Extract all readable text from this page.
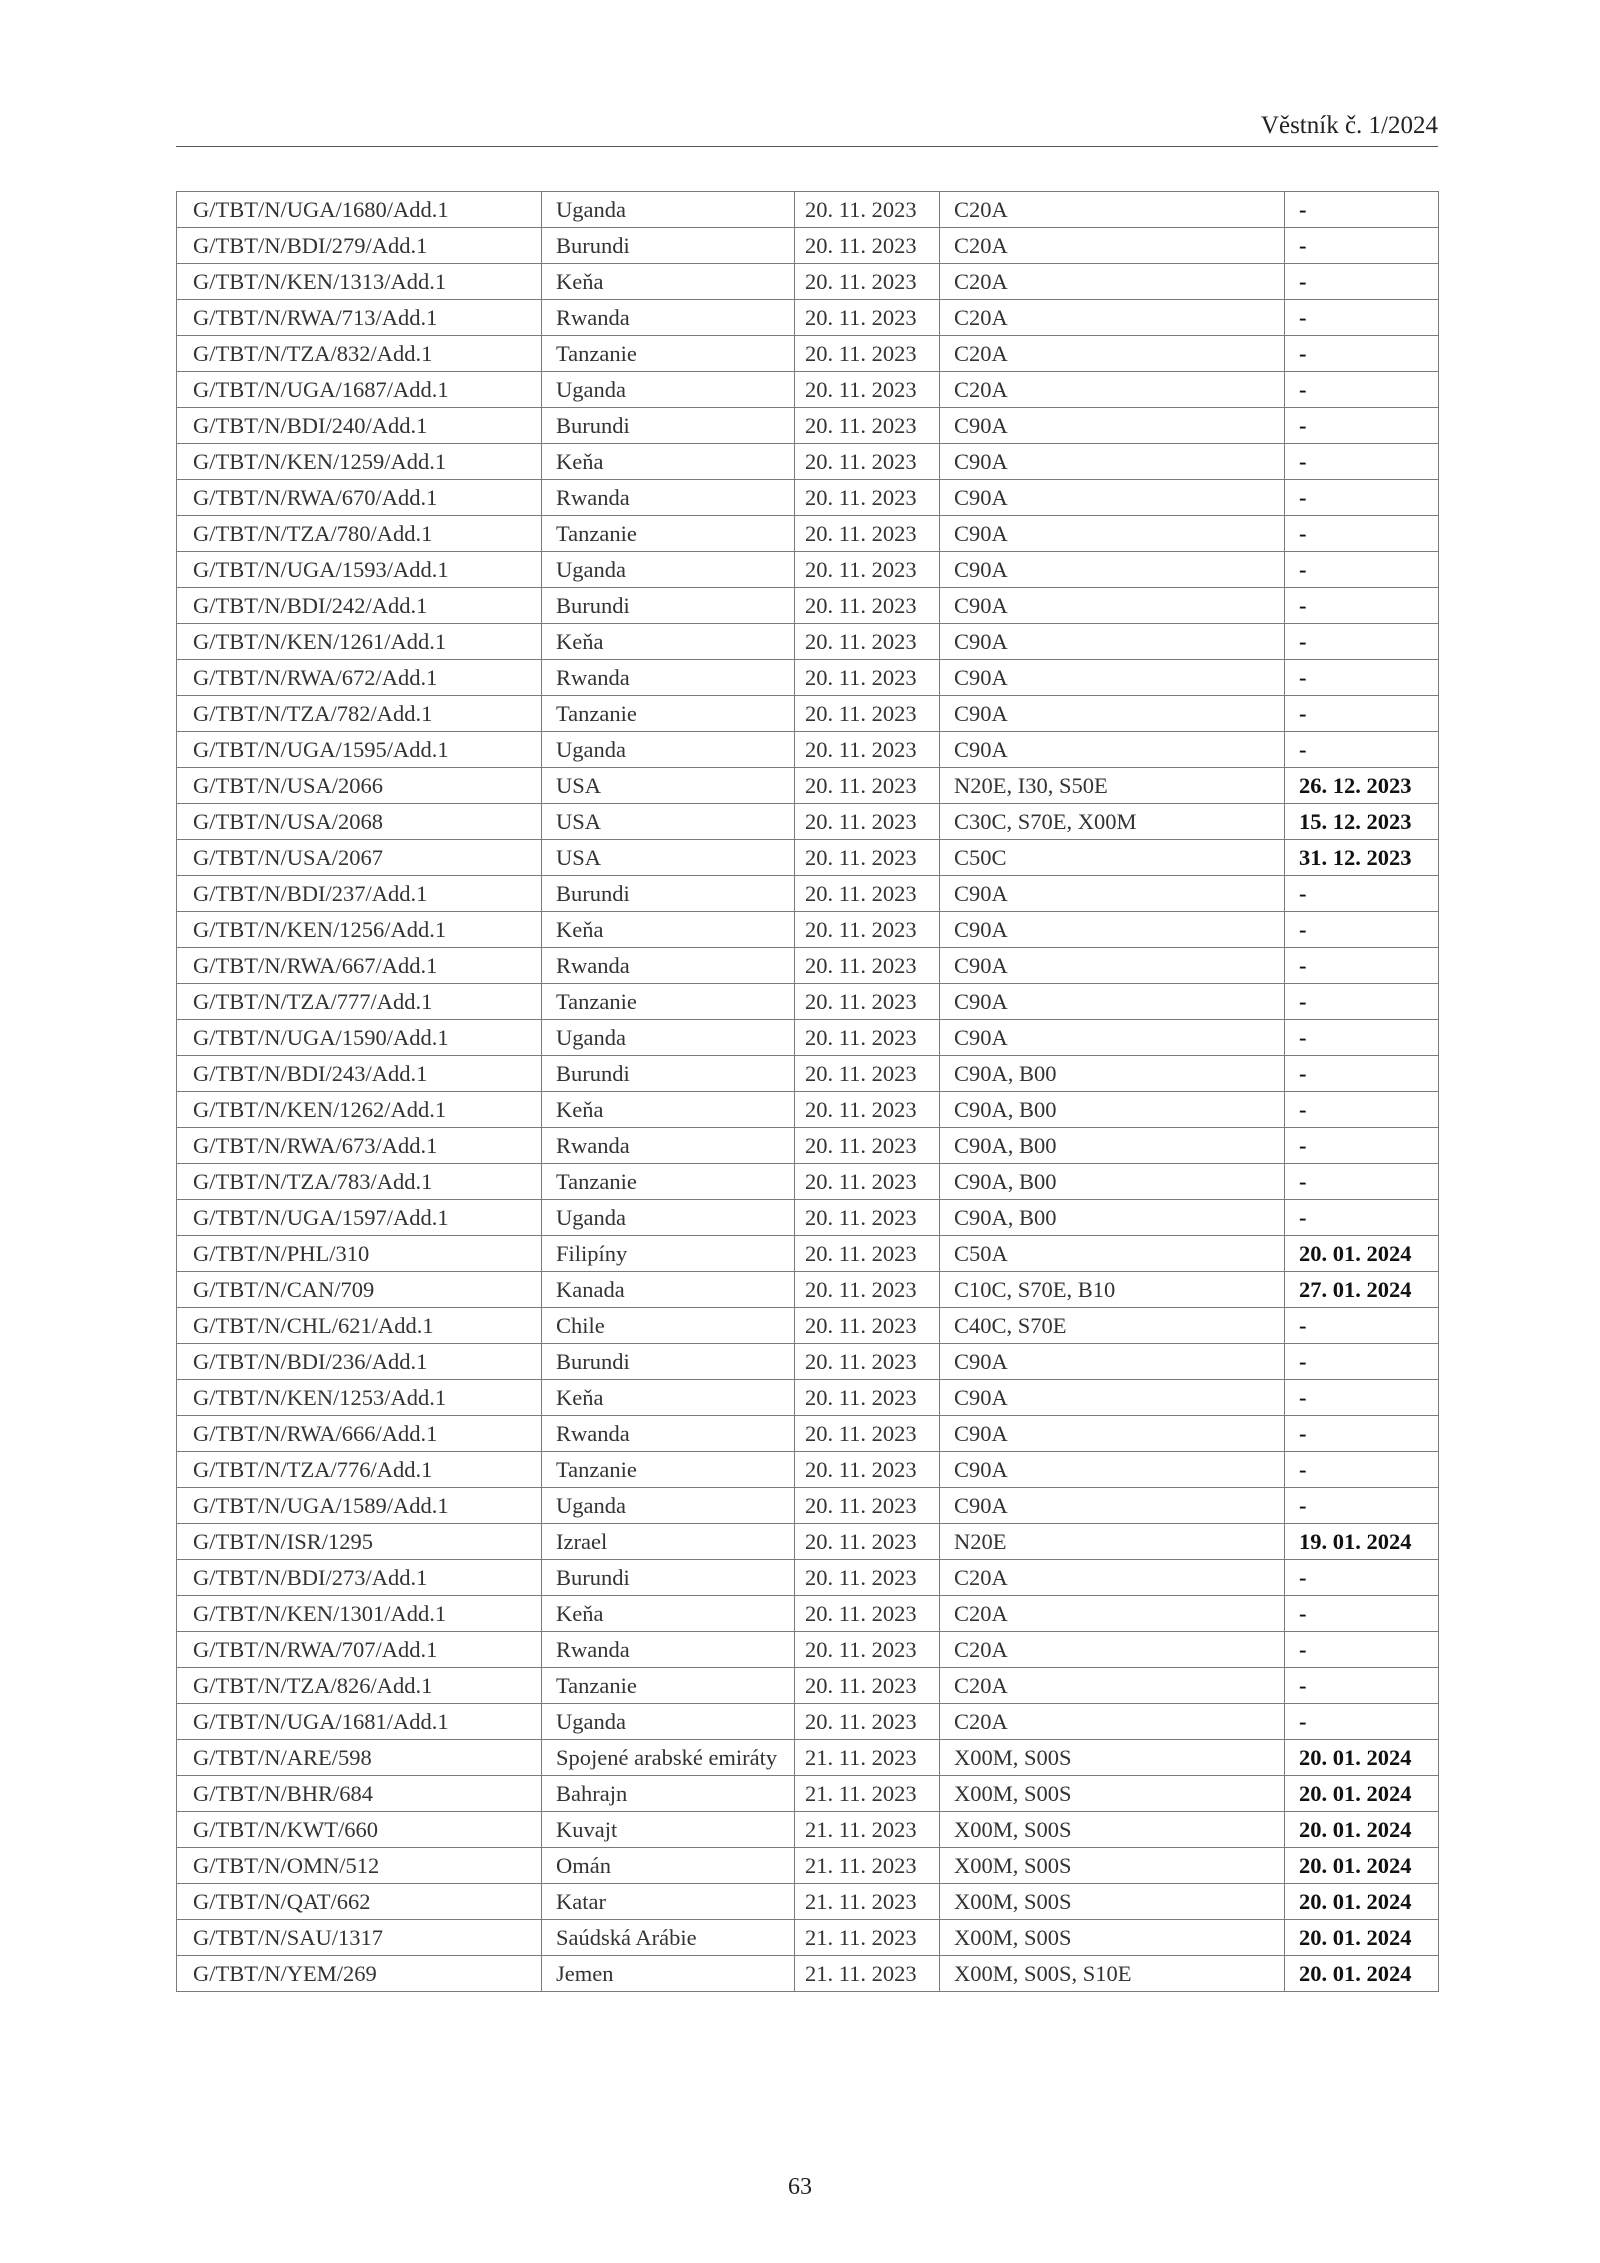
Věstník č. 1/2024
G/TBT/N/UGA/1680/Add.1	Uganda	20. 11. 2023	C20A	-
G/TBT/N/BDI/279/Add.1	Burundi	20. 11. 2023	C20A	-
G/TBT/N/KEN/1313/Add.1	Keňa	20. 11. 2023	C20A	-
G/TBT/N/RWA/713/Add.1	Rwanda	20. 11. 2023	C20A	-
G/TBT/N/TZA/832/Add.1	Tanzanie	20. 11. 2023	C20A	-
G/TBT/N/UGA/1687/Add.1	Uganda	20. 11. 2023	C20A	-
G/TBT/N/BDI/240/Add.1	Burundi	20. 11. 2023	C90A	-
G/TBT/N/KEN/1259/Add.1	Keňa	20. 11. 2023	C90A	-
G/TBT/N/RWA/670/Add.1	Rwanda	20. 11. 2023	C90A	-
G/TBT/N/TZA/780/Add.1	Tanzanie	20. 11. 2023	C90A	-
G/TBT/N/UGA/1593/Add.1	Uganda	20. 11. 2023	C90A	-
G/TBT/N/BDI/242/Add.1	Burundi	20. 11. 2023	C90A	-
G/TBT/N/KEN/1261/Add.1	Keňa	20. 11. 2023	C90A	-
G/TBT/N/RWA/672/Add.1	Rwanda	20. 11. 2023	C90A	-
G/TBT/N/TZA/782/Add.1	Tanzanie	20. 11. 2023	C90A	-
G/TBT/N/UGA/1595/Add.1	Uganda	20. 11. 2023	C90A	-
G/TBT/N/USA/2066	USA	20. 11. 2023	N20E, I30, S50E	26. 12. 2023
G/TBT/N/USA/2068	USA	20. 11. 2023	C30C, S70E, X00M	15. 12. 2023
G/TBT/N/USA/2067	USA	20. 11. 2023	C50C	31. 12. 2023
G/TBT/N/BDI/237/Add.1	Burundi	20. 11. 2023	C90A	-
G/TBT/N/KEN/1256/Add.1	Keňa	20. 11. 2023	C90A	-
G/TBT/N/RWA/667/Add.1	Rwanda	20. 11. 2023	C90A	-
G/TBT/N/TZA/777/Add.1	Tanzanie	20. 11. 2023	C90A	-
G/TBT/N/UGA/1590/Add.1	Uganda	20. 11. 2023	C90A	-
G/TBT/N/BDI/243/Add.1	Burundi	20. 11. 2023	C90A, B00	-
G/TBT/N/KEN/1262/Add.1	Keňa	20. 11. 2023	C90A, B00	-
G/TBT/N/RWA/673/Add.1	Rwanda	20. 11. 2023	C90A, B00	-
G/TBT/N/TZA/783/Add.1	Tanzanie	20. 11. 2023	C90A, B00	-
G/TBT/N/UGA/1597/Add.1	Uganda	20. 11. 2023	C90A, B00	-
G/TBT/N/PHL/310	Filipíny	20. 11. 2023	C50A	20. 01. 2024
G/TBT/N/CAN/709	Kanada	20. 11. 2023	C10C, S70E, B10	27. 01. 2024
G/TBT/N/CHL/621/Add.1	Chile	20. 11. 2023	C40C, S70E	-
G/TBT/N/BDI/236/Add.1	Burundi	20. 11. 2023	C90A	-
G/TBT/N/KEN/1253/Add.1	Keňa	20. 11. 2023	C90A	-
G/TBT/N/RWA/666/Add.1	Rwanda	20. 11. 2023	C90A	-
G/TBT/N/TZA/776/Add.1	Tanzanie	20. 11. 2023	C90A	-
G/TBT/N/UGA/1589/Add.1	Uganda	20. 11. 2023	C90A	-
G/TBT/N/ISR/1295	Izrael	20. 11. 2023	N20E	19. 01. 2024
G/TBT/N/BDI/273/Add.1	Burundi	20. 11. 2023	C20A	-
G/TBT/N/KEN/1301/Add.1	Keňa	20. 11. 2023	C20A	-
G/TBT/N/RWA/707/Add.1	Rwanda	20. 11. 2023	C20A	-
G/TBT/N/TZA/826/Add.1	Tanzanie	20. 11. 2023	C20A	-
G/TBT/N/UGA/1681/Add.1	Uganda	20. 11. 2023	C20A	-
G/TBT/N/ARE/598	Spojené arabské emiráty	21. 11. 2023	X00M, S00S	20. 01. 2024
G/TBT/N/BHR/684	Bahrajn	21. 11. 2023	X00M, S00S	20. 01. 2024
G/TBT/N/KWT/660	Kuvajt	21. 11. 2023	X00M, S00S	20. 01. 2024
G/TBT/N/OMN/512	Omán	21. 11. 2023	X00M, S00S	20. 01. 2024
G/TBT/N/QAT/662	Katar	21. 11. 2023	X00M, S00S	20. 01. 2024
G/TBT/N/SAU/1317	Saúdská Arábie	21. 11. 2023	X00M, S00S	20. 01. 2024
G/TBT/N/YEM/269	Jemen	21. 11. 2023	X00M, S00S, S10E	20. 01. 2024
63
